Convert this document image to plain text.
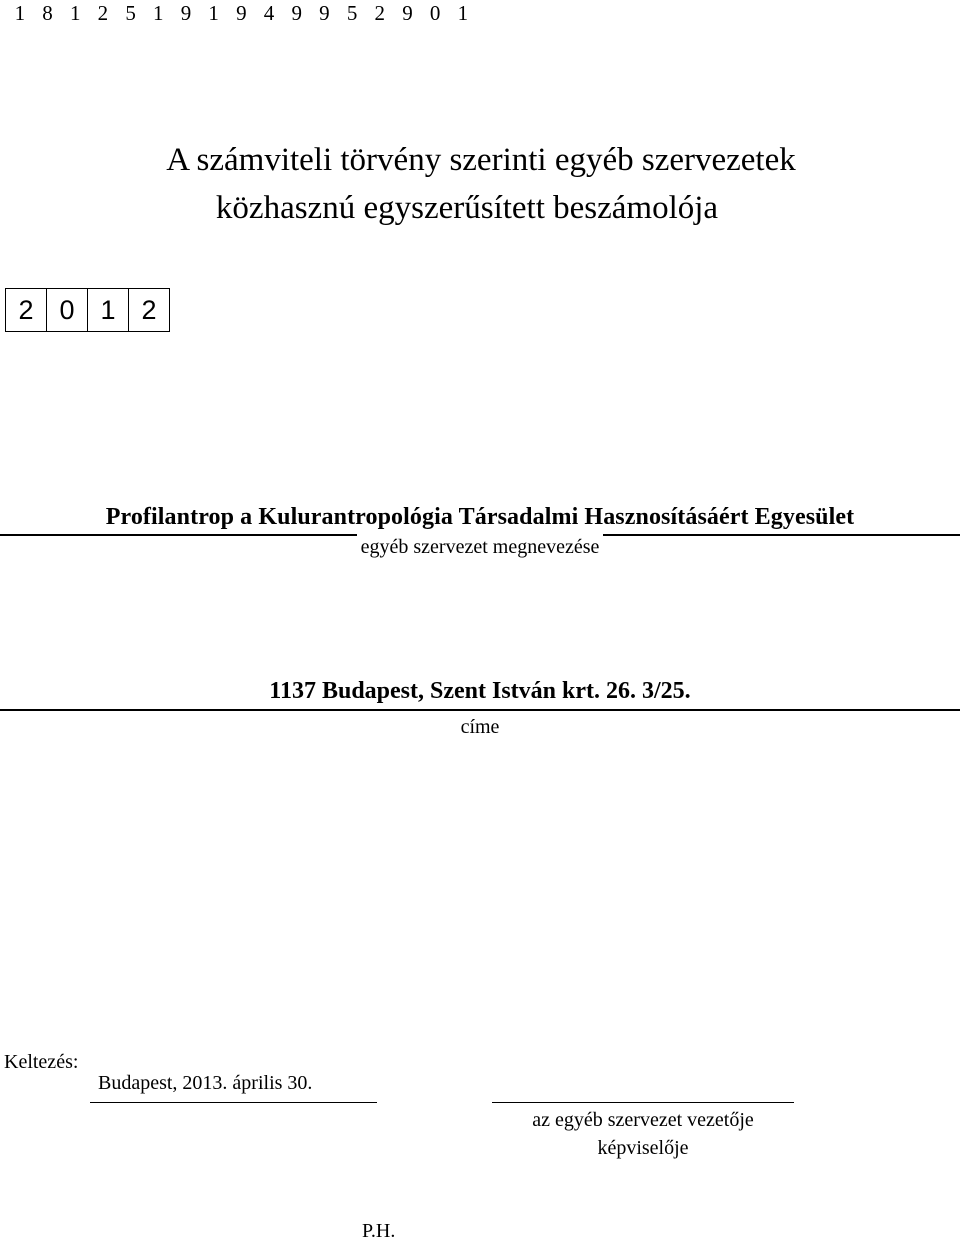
1 8 1 2 5 1 9 1 9 4 9 9 5 2 9 0 1
A számviteli törvény szerinti egyéb szervezetek
közhasznú egyszerűsített beszámolója
2 0 1 2
Profilantrop a Kulurantropológia Társadalmi Hasznosításáért Egyesület
egyéb szervezet megnevezése
1137 Budapest, Szent István krt. 26. 3/25.
címe
Keltezés:
Budapest, 2013. április 30.
az egyéb szervezet vezetője
képviselője
P.H.
